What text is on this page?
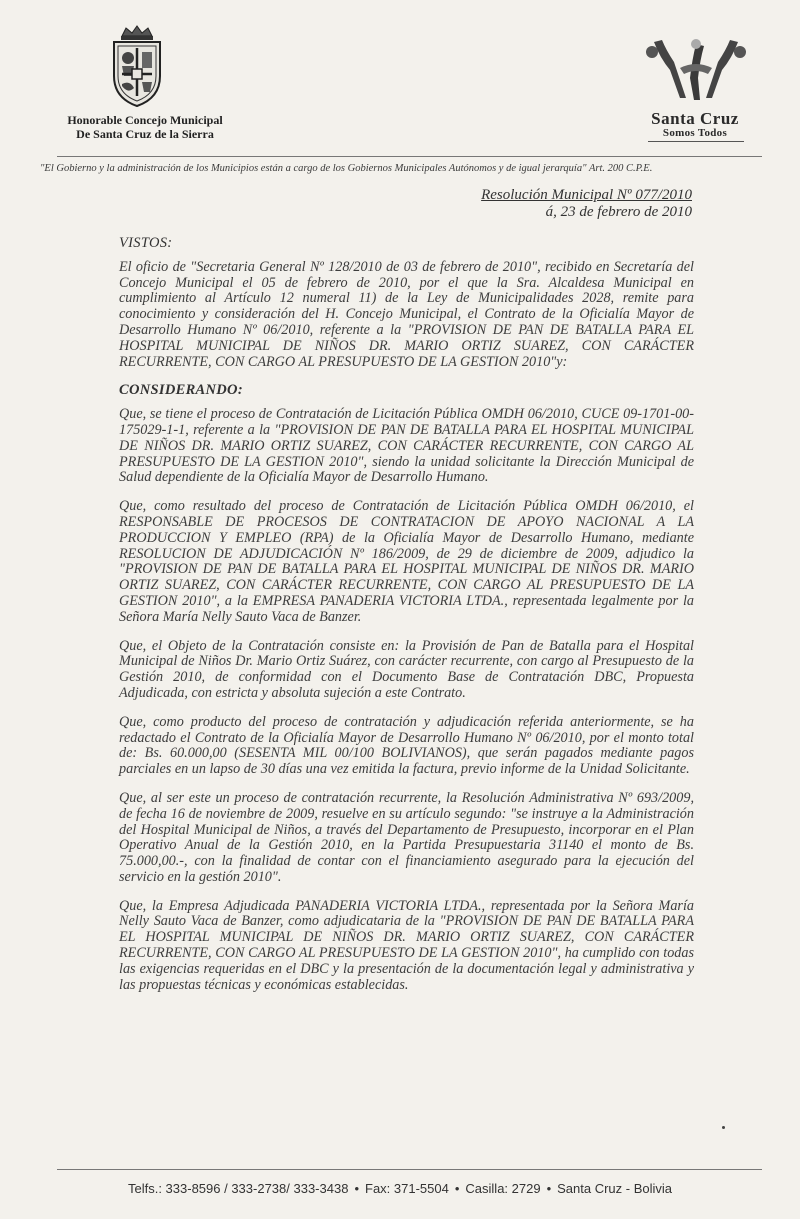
Honorable Concejo Municipal
De Santa Cruz de la Sierra
Santa Cruz
Somos Todos
"El Gobierno y la administración de los Municipios están a cargo de los Gobiernos Municipales Autónomos y de igual jerarquía" Art. 200 C.P.E.
Resolución Municipal Nº 077/2010
á, 23 de febrero de 2010
VISTOS:

El oficio de "Secretaria General Nº 128/2010 de 03 de febrero de 2010", recibido en Secretaría del Concejo Municipal el 05 de febrero de 2010, por el que la Sra. Alcaldesa Municipal en cumplimiento al Artículo 12 numeral 11) de la Ley de Municipalidades 2028, remite para conocimiento y consideración del H. Concejo Municipal, el Contrato de la Oficialía Mayor de Desarrollo Humano Nº 06/2010, referente a la "PROVISION DE PAN DE BATALLA PARA EL HOSPITAL MUNICIPAL DE NIÑOS DR. MARIO ORTIZ SUAREZ, CON CARÁCTER RECURRENTE, CON CARGO AL PRESUPUESTO DE LA GESTION 2010"y:

CONSIDERANDO:

Que, se tiene el proceso de Contratación de Licitación Pública OMDH 06/2010, CUCE 09-1701-00-175029-1-1, referente a la "PROVISION DE PAN DE BATALLA PARA EL HOSPITAL MUNICIPAL DE NIÑOS DR. MARIO ORTIZ SUAREZ, CON CARÁCTER RECURRENTE, CON CARGO AL PRESUPUESTO DE LA GESTION 2010", siendo la unidad solicitante la Dirección Municipal de Salud dependiente de la Oficialía Mayor de Desarrollo Humano.

Que, como resultado del proceso de Contratación de Licitación Pública OMDH 06/2010, el RESPONSABLE DE PROCESOS DE CONTRATACION DE APOYO NACIONAL A LA PRODUCCION Y EMPLEO (RPA) de la Oficialía Mayor de Desarrollo Humano, mediante RESOLUCION DE ADJUDICACIÓN Nº 186/2009, de 29 de diciembre de 2009, adjudico la "PROVISION DE PAN DE BATALLA PARA EL HOSPITAL MUNICIPAL DE NIÑOS DR. MARIO ORTIZ SUAREZ, CON CARÁCTER RECURRENTE, CON CARGO AL PRESUPUESTO DE LA GESTION 2010", a la EMPRESA PANADERIA VICTORIA LTDA., representada legalmente por la Señora María Nelly Sauto Vaca de Banzer.

Que, el Objeto de la Contratación consiste en: la Provisión de Pan de Batalla para el Hospital Municipal de Niños Dr. Mario Ortiz Suárez, con carácter recurrente, con cargo al Presupuesto de la Gestión 2010, de conformidad con el Documento Base de Contratación DBC, Propuesta Adjudicada, con estricta y absoluta sujeción a este Contrato.

Que, como producto del proceso de contratación y adjudicación referida anteriormente, se ha redactado el Contrato de la Oficialía Mayor de Desarrollo Humano Nº 06/2010, por el monto total de: Bs. 60.000,00 (SESENTA MIL 00/100 BOLIVIANOS), que serán pagados mediante pagos parciales en un lapso de 30 días una vez emitida la factura, previo informe de la Unidad Solicitante.

Que, al ser este un proceso de contratación recurrente, la Resolución Administrativa Nº 693/2009, de fecha 16 de noviembre de 2009, resuelve en su artículo segundo: "se instruye a la Administración del Hospital Municipal de Niños, a través del Departamento de Presupuesto, incorporar en el Plan Operativo Anual de la Gestión 2010, en la Partida Presupuestaria 31140 el monto de Bs. 75.000,00.-, con la finalidad de contar con el financiamiento asegurado para la ejecución del servicio en la gestión 2010".

Que, la Empresa Adjudicada PANADERIA VICTORIA LTDA., representada por la Señora María Nelly Sauto Vaca de Banzer, como adjudicataria de la "PROVISION DE PAN DE BATALLA PARA EL HOSPITAL MUNICIPAL DE NIÑOS DR. MARIO ORTIZ SUAREZ, CON CARÁCTER RECURRENTE, CON CARGO AL PRESUPUESTO DE LA GESTION 2010", ha cumplido con todas las exigencias requeridas en el DBC y la presentación de la documentación legal y administrativa y las propuestas técnicas y económicas establecidas.

Telfs.: 333-8596 / 333-2738/ 333-3438 • Fax: 371-5504 • Casilla: 2729 • Santa Cruz - Bolivia
